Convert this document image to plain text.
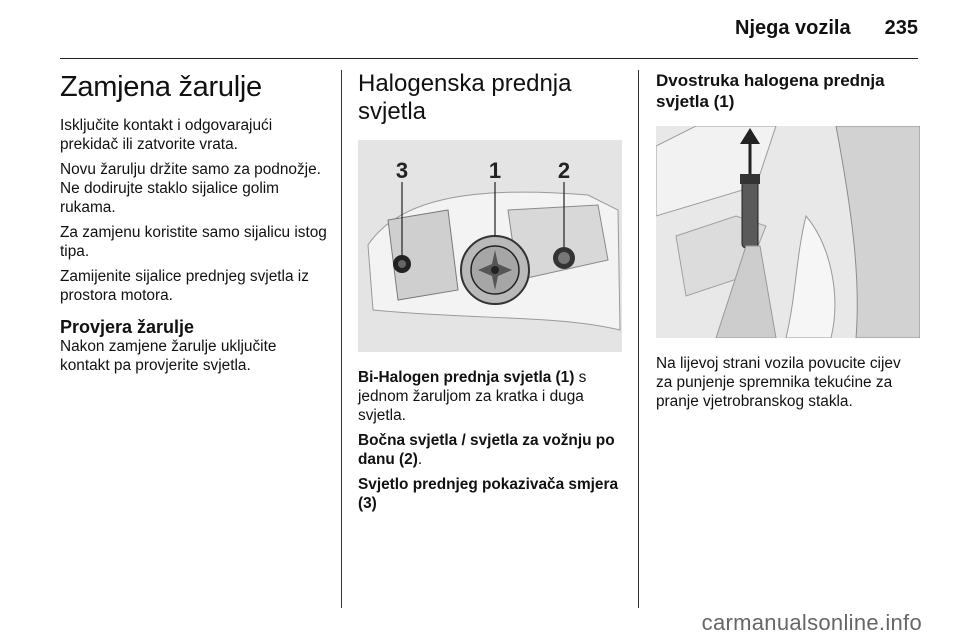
Njega vozila 235
Zamjena žarulje

Isključite kontakt i odgovarajući prekidač ili zatvorite vrata.

Novu žarulju držite samo za podnožje. Ne dodirujte staklo sijalice golim rukama.

Za zamjenu koristite samo sijalicu istog tipa.

Zamijenite sijalice prednjeg svjetla iz prostora motora.

Provjera žarulje

Nakon zamjene žarulje uključite kontakt pa provjerite svjetla.

Halogenska prednja svjetla
3	1	2

Bi-Halogen prednja svjetla (1) s jednom žaruljom za kratka i duga svjetla.

Bočna svjetla / svjetla za vožnju po danu (2).

Svjetlo prednjeg pokazivača smjera (3)

Dvostruka halogena prednja svjetla (1)

Na lijevoj strani vozila povucite cijev za punjenje spremnika tekućine za pranje vjetrobranskog stakla.

carmanualsonline.info
